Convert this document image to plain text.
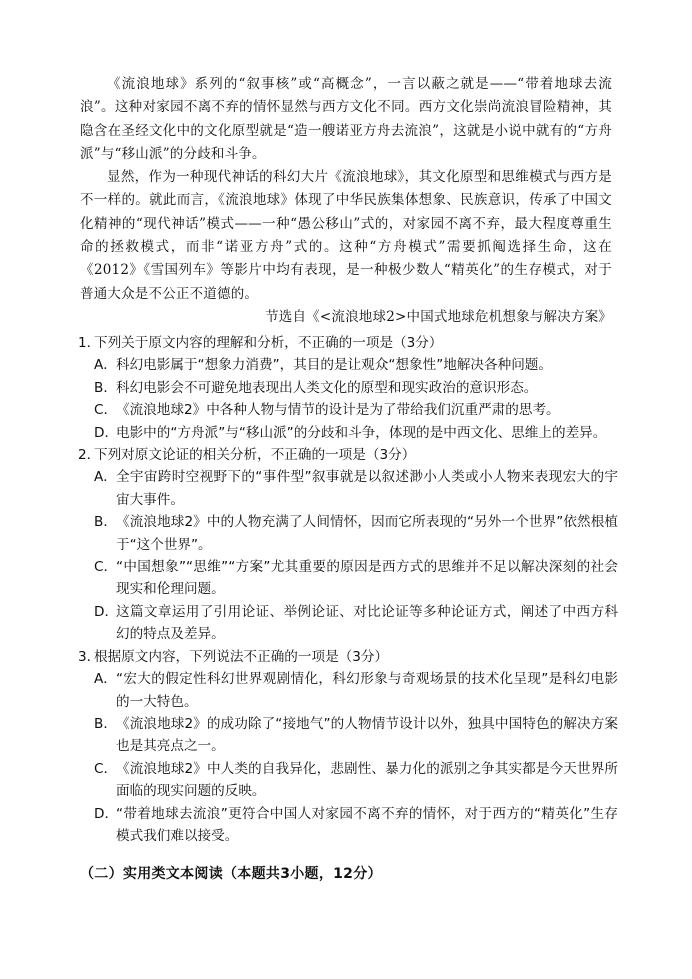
《流浪地球》系列的“叙事核”或“高概念”，一言以蔽之就是——“带着地球去流浪”。这种对家园不离不弃的情怀显然与西方文化不同。西方文化崇尚流浪冒险精神，其隐含在圣经文化中的文化原型就是“造一艘诺亚方舟去流浪”，这就是小说中就有的“方舟派”与“移山派”的分歧和斗争。

显然，作为一种现代神话的科幻大片《流浪地球》，其文化原型和思维模式与西方是不一样的。就此而言，《流浪地球》体现了中华民族集体想象、民族意识，传承了中国文化精神的“现代神话”模式——一种“愚公移山”式的，对家园不离不弃，最大程度尊重生命的拯救模式，而非“诺亚方舟”式的。这种“方舟模式”需要抓阄选择生命，这在《2012》《雪国列车》等影片中均有表现，是一种极少数人“精英化”的生存模式，对于普通大众是不公正不道德的。

节选自《<流浪地球2>中国式地球危机想象与解决方案》

1．
下列关于原文内容的理解和分析，不正确的一项是（3分）
A． 科幻电影属于“想象力消费”，其目的是让观众“想象性”地解决各种问题。
B． 科幻电影会不可避免地表现出人类文化的原型和现实政治的意识形态。
C．
《流浪地球2》中各种人物与情节的设计是为了带给我们沉重严肃的思考。
D．
电影中的“方舟派”与“移山派”的分歧和斗争，体现的是中西文化、思维上的差异。
2．
下列对原文论证的相关分析，不正确的一项是（3分）
A． 全宇宙跨时空视野下的“事件型”叙事就是以叙述渺小人类或小人物来表现宏大的宇宙大事件。
B． 《流浪地球2》中的人物充满了人间情怀，因而它所表现的“另外一个世界”依然根植于“这个世界”。
C．
“中国想象”“思维”“方案”尤其重要的原因是西方式的思维并不足以解决深刻的社会现实和伦理问题。
D．
这篇文章运用了引用论证、举例论证、对比论证等多种论证方式，阐述了中西方科幻的特点及差异。
3．
根据原文内容，下列说法不正确的一项是（3分）
A． “宏大的假定性科幻世界观剧情化，科幻形象与奇观场景的技术化呈现”是科幻电影的一大特色。
B． 《流浪地球2》的成功除了“接地气”的人物情节设计以外，独具中国特色的解决方案也是其亮点之一。
C．
《流浪地球2》中人类的自我异化，悲剧性、暴力化的派别之争其实都是今天世界所面临的现实问题的反映。
D．
“带着地球去流浪”更符合中国人对家园不离不弃的情怀，对于西方的“精英化”生存模式我们难以接受。
（二）实用类文本阅读（本题共3小题，12分）
